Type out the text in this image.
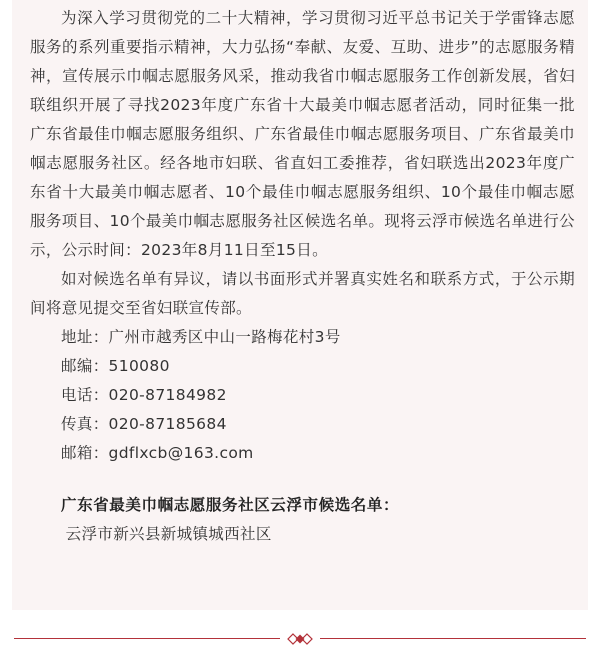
为深入学习贯彻党的二十大精神，学习贯彻习近平总书记关于学雷锋志愿服务的系列重要指示精神，大力弘扬“奉献、友爱、互助、进步”的志愿服务精神，宣传展示巾帼志愿服务风采，推动我省巾帼志愿服务工作创新发展，省妇联组织开展了寻找2023年度广东省十大最美巾帼志愿者活动，同时征集一批广东省最佳巾帼志愿服务组织、广东省最佳巾帼志愿服务项目、广东省最美巾帼志愿服务社区。经各地市妇联、省直妇工委推荐，省妇联选出2023年度广东省十大最美巾帼志愿者、10个最佳巾帼志愿服务组织、10个最佳巾帼志愿服务项目、10个最美巾帼志愿服务社区候选名单。现将云浮市候选名单进行公示，公示时间：2023年8月11日至15日。

如对候选名单有异议，请以书面形式并署真实姓名和联系方式，于公示期间将意见提交至省妇联宣传部。

地址：广州市越秀区中山一路梅花村3号
邮编：510080
电话：020-87184982
传真：020-87185684
邮箱：gdflxcb@163.com
广东省最美巾帼志愿服务社区云浮市候选名单：
云浮市新兴县新城镇城西社区
